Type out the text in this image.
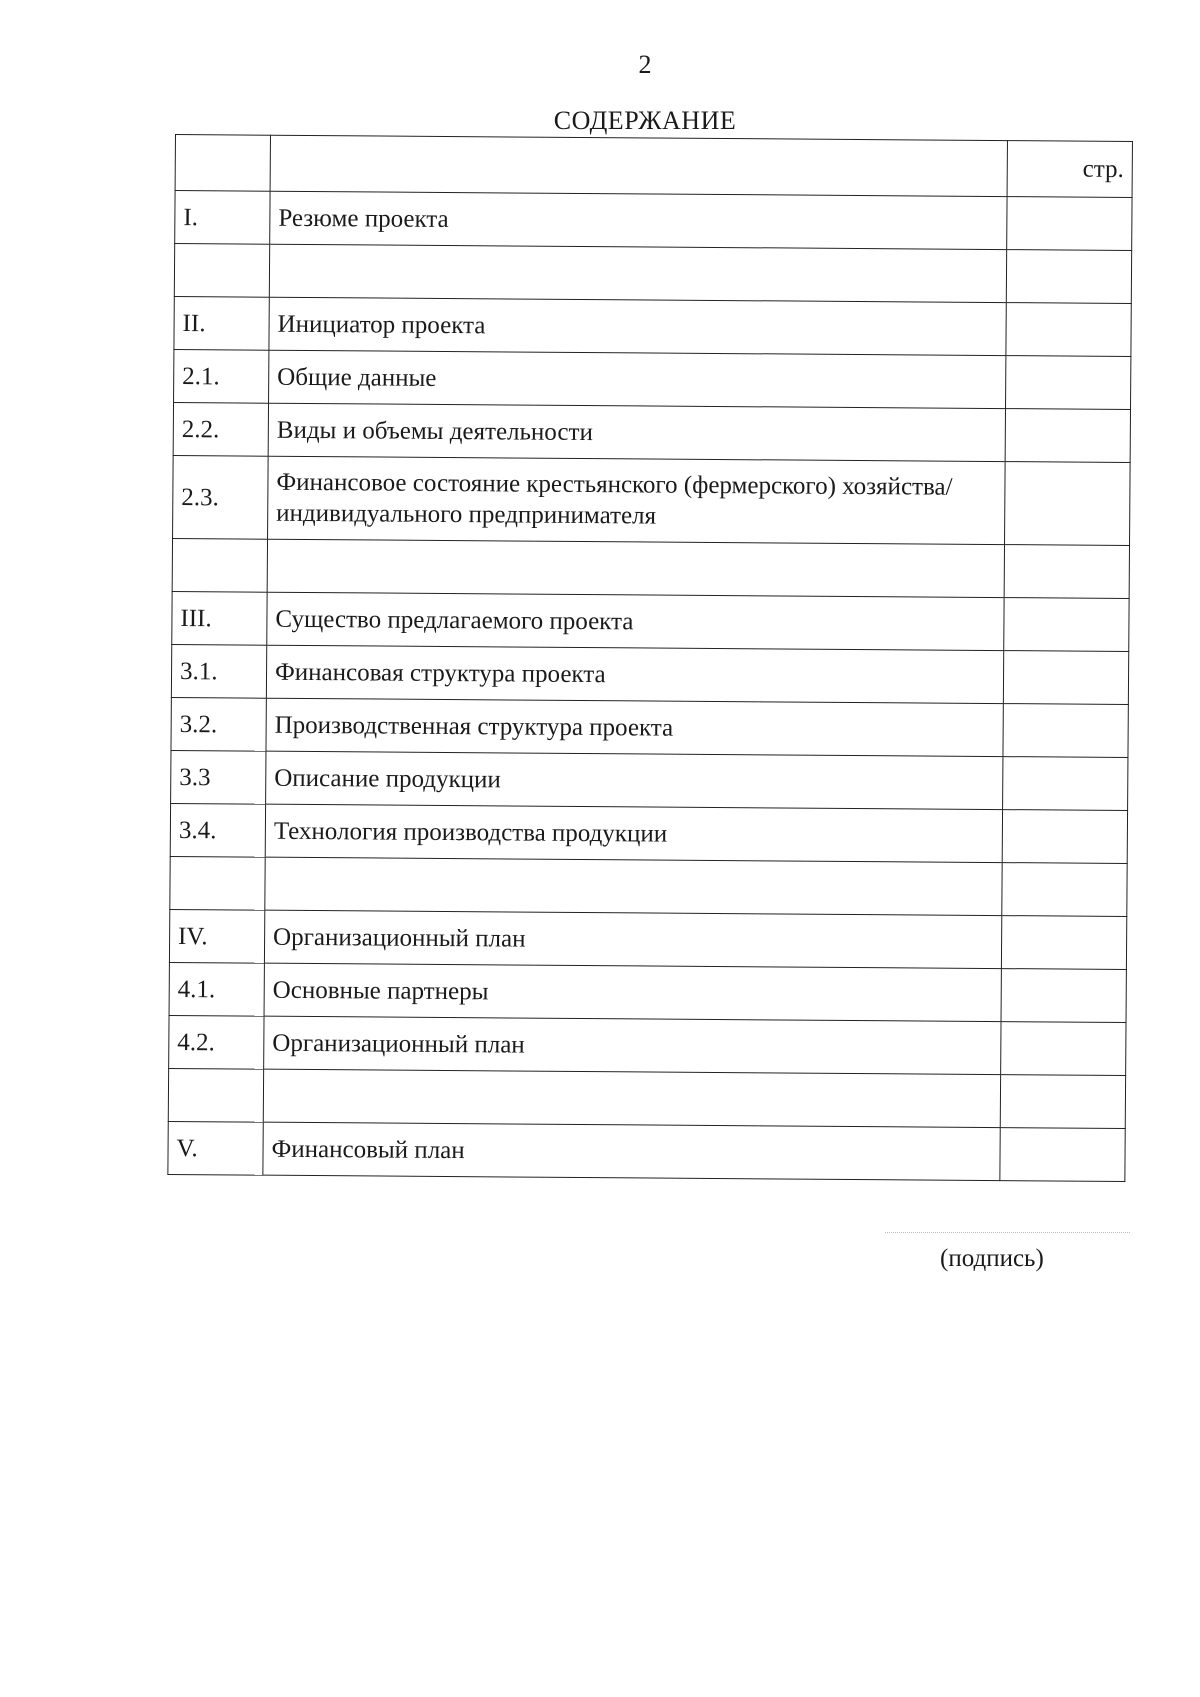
2
СОДЕРЖАНИЕ
		стр.
I.	Резюме проекта	

II.	Инициатор проекта	
2.1.	Общие данные	
2.2.	Виды и объемы деятельности	
2.3.	Финансовое состояние крестьянского (фермерского) хозяйства/индивидуального предпринимателя	

III.	Существо предлагаемого проекта	
3.1.	Финансовая структура проекта	
3.2.	Производственная структура проекта	
3.3	Описание продукции	
3.4.	Технология производства продукции	

IV.	Организационный план	
4.1.	Основные партнеры	
4.2.	Организационный план	

V.	Финансовый план	
(подпись)
